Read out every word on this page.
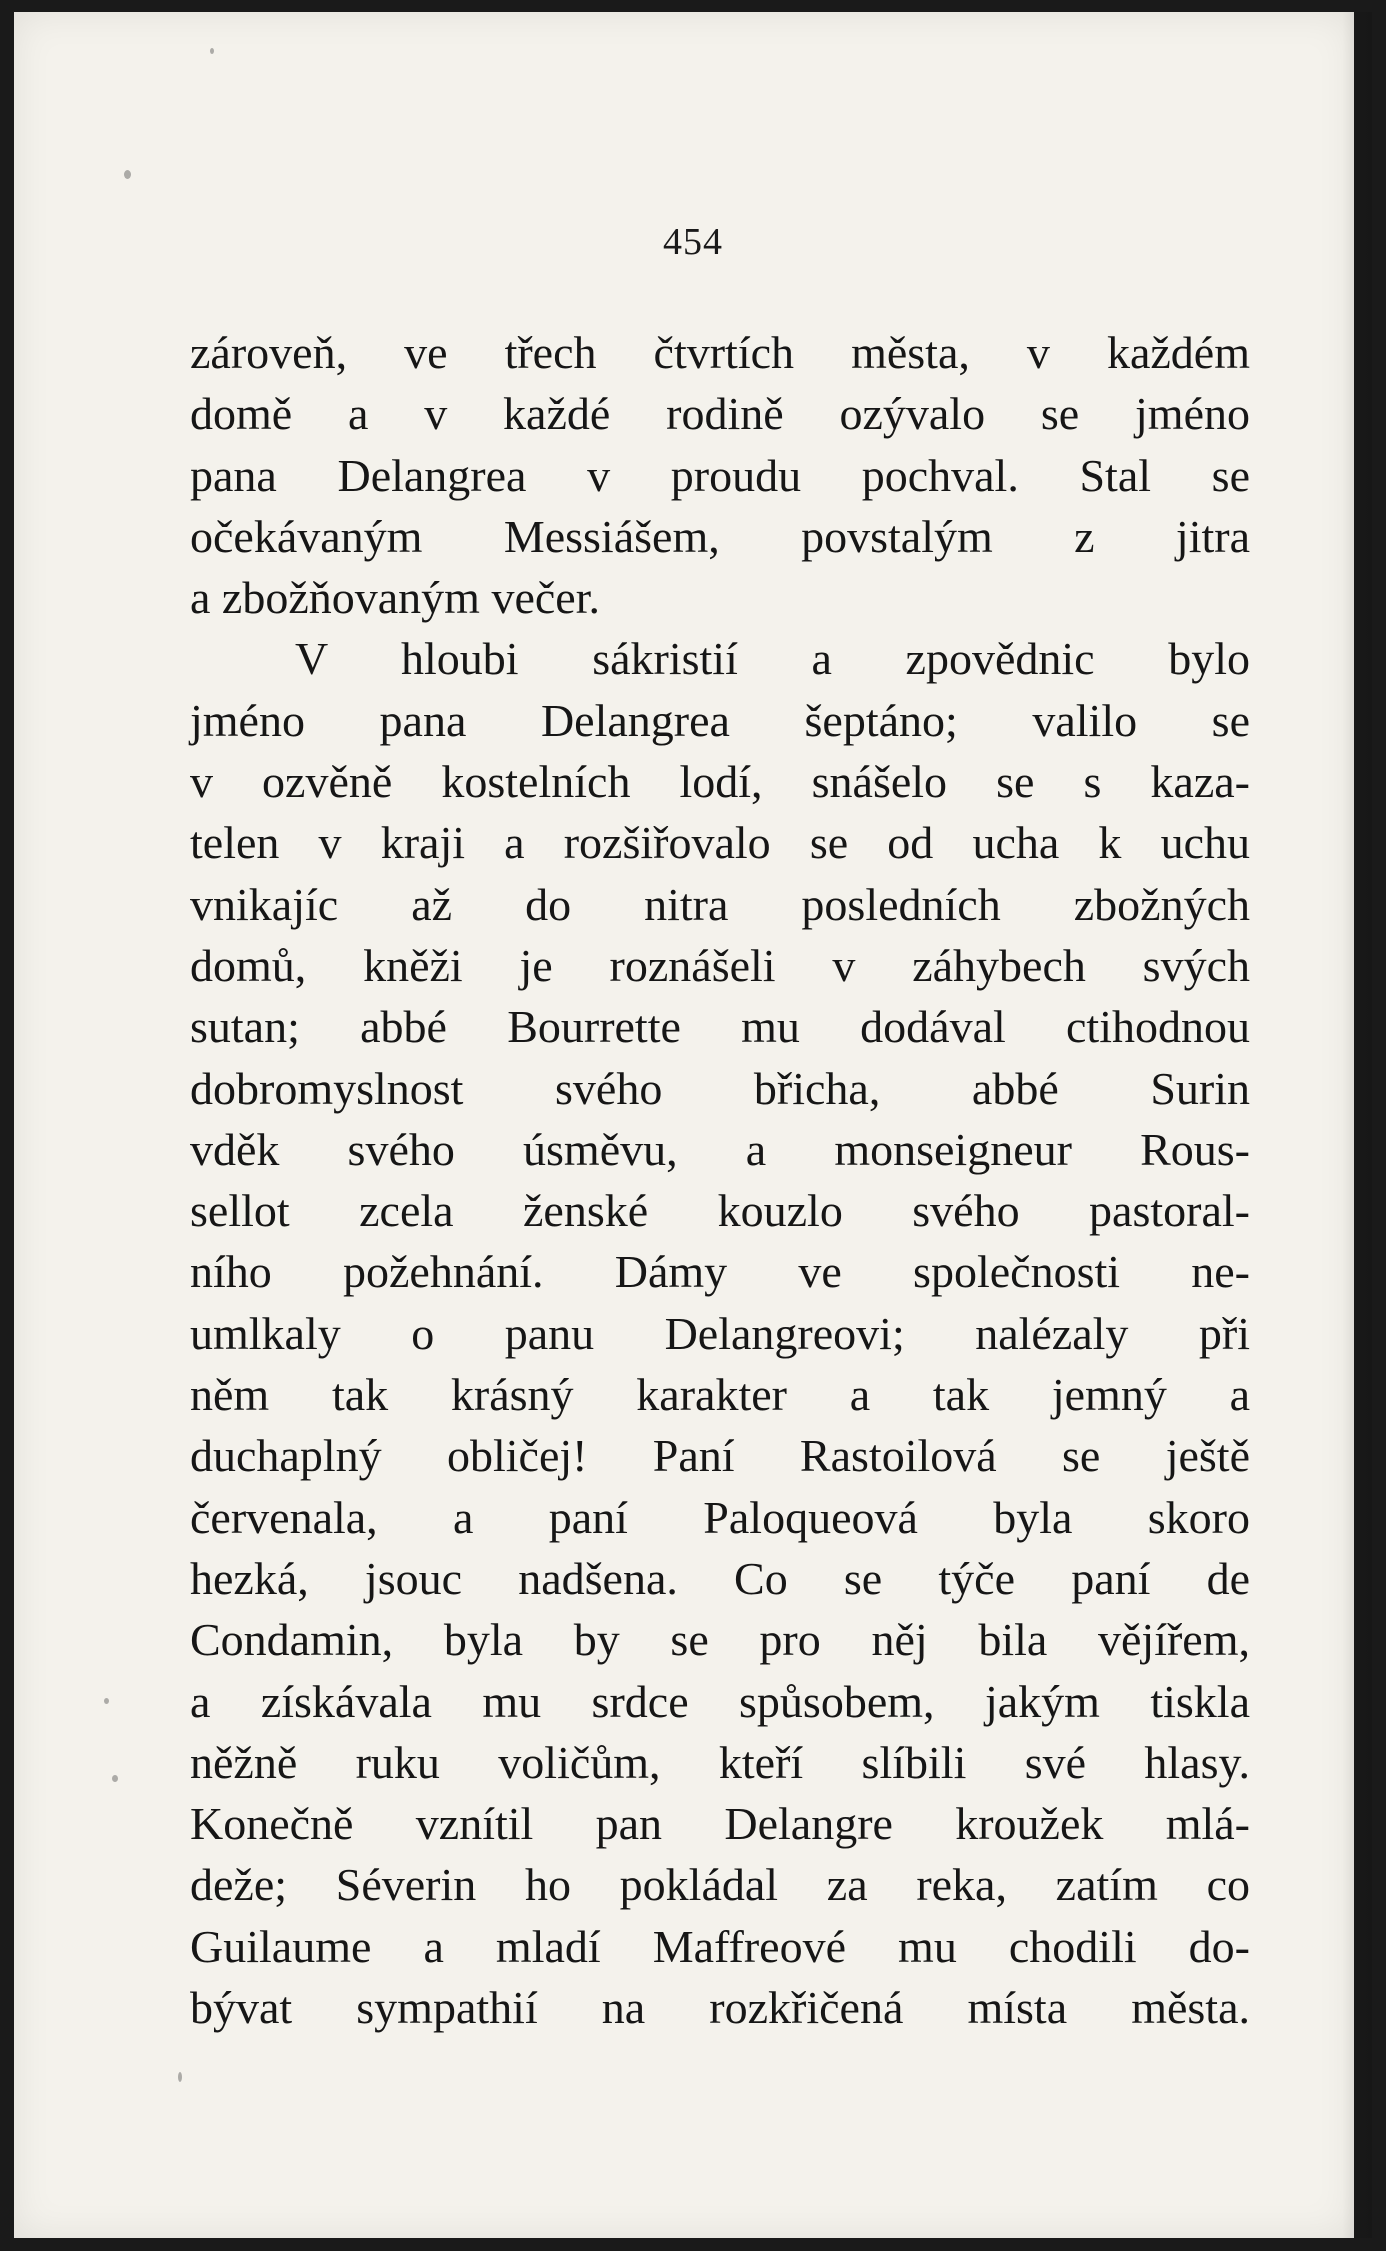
454
zároveň, ve třech čtvrtích města, v každém
domě a v každé rodině ozývalo se jméno
pana Delangrea v proudu pochval. Stal se
očekávaným Messiášem, povstalým z jitra
a zbožňovaným večer.
V hloubi sákristií a zpovědnic bylo
jméno pana Delangrea šeptáno; valilo se
v ozvěně kostelních lodí, snášelo se s kaza-
telen v kraji a rozšiřovalo se od ucha k uchu
vnikajíc až do nitra posledních zbožných
domů, kněži je roznášeli v záhybech svých
sutan; abbé Bourrette mu dodával ctihodnou
dobromyslnost svého břicha, abbé Surin
vděk svého úsměvu, a monseigneur Rous-
sellot zcela ženské kouzlo svého pastoral-
ního požehnání. Dámy ve společnosti ne-
umlkaly o panu Delangreovi; nalézaly při
něm tak krásný karakter a tak jemný a
duchaplný obličej! Paní Rastoilová se ještě
červenala, a paní Paloqueová byla skoro
hezká, jsouc nadšena. Co se týče paní de
Condamin, byla by se pro něj bila vějířem,
a získávala mu srdce spůsobem, jakým tiskla
něžně ruku voličům, kteří slíbili své hlasy.
Konečně vznítil pan Delangre kroužek mlá-
deže; Séverin ho pokládal za reka, zatím co
Guilaume a mladí Maffreové mu chodili do-
bývat sympathií na rozkřičená místa města.
